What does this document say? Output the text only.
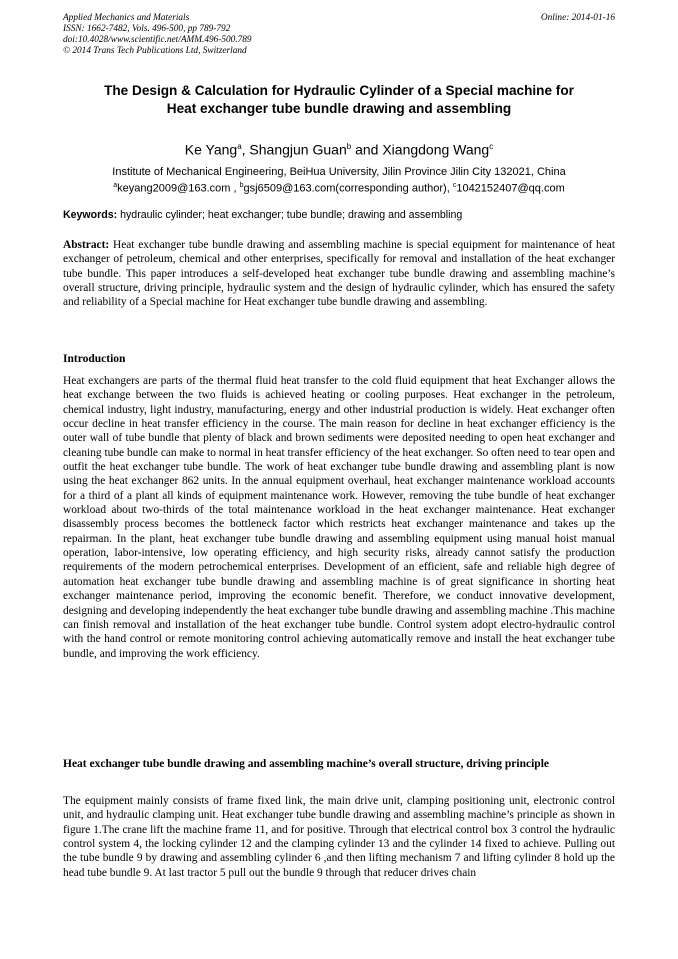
Applied Mechanics and Materials
ISSN: 1662-7482, Vols. 496-500, pp 789-792
doi:10.4028/www.scientific.net/AMM.496-500.789
© 2014 Trans Tech Publications Ltd, Switzerland
Online: 2014-01-16
The Design & Calculation for Hydraulic Cylinder of a Special machine for
Heat exchanger tube bundle drawing and assembling
Ke Yang$^a$, Shangjun Guan$^b$ and Xiangdong Wang$^c$
Institute of Mechanical Engineering, BeiHua University, Jilin Province Jilin City 132021, China
$^a$keyang2009@163.com , $^b$gsj6509@163.com(corresponding author), $^c$1042152407@qq.com
Keywords: hydraulic cylinder; heat exchanger; tube bundle; drawing and assembling

Abstract: Heat exchanger tube bundle drawing and assembling machine is special equipment for maintenance of heat exchanger of petroleum, chemical and other enterprises, specifically for removal and installation of the heat exchanger tube bundle. This paper introduces a self-developed heat exchanger tube bundle drawing and assembling machine’s overall structure, driving principle, hydraulic system and the design of hydraulic cylinder, which has ensured the safety and reliability of a Special machine for Heat exchanger tube bundle drawing and assembling.

Introduction

Heat exchangers are parts of the thermal fluid heat transfer to the cold fluid equipment that heat Exchanger allows the heat exchange between the two fluids is achieved heating or cooling purposes. Heat exchanger in the petroleum, chemical industry, light industry, manufacturing, energy and other industrial production is widely. Heat exchanger often occur decline in heat transfer efficiency in the course. The main reason for decline in heat exchanger efficiency is the outer wall of tube bundle that plenty of black and brown sediments were deposited needing to open heat exchanger and cleaning tube bundle can make to normal in heat transfer efficiency of the heat exchanger. So often need to tear open and outfit the heat exchanger tube bundle. The work of heat exchanger tube bundle drawing and assembling plant is now using the heat exchanger 862 units. In the annual equipment overhaul, heat exchanger maintenance workload accounts for a third of a plant all kinds of equipment maintenance work. However, removing the tube bundle of heat exchanger workload about two-thirds of the total maintenance workload in the heat exchanger maintenance. Heat exchanger disassembly process becomes the bottleneck factor which restricts heat exchanger maintenance and takes up the repairman. In the plant, heat exchanger tube bundle drawing and assembling equipment using manual hoist manual operation, labor-intensive, low operating efficiency, and high security risks, already cannot satisfy the production requirements of the modern petrochemical enterprises. Development of an efficient, safe and reliable high degree of automation heat exchanger tube bundle drawing and assembling machine is of great significance in shorting heat exchanger maintenance period, improving the economic benefit. Therefore, we conduct innovative development, designing and developing independently the heat exchanger tube bundle drawing and assembling machine .This machine can finish removal and installation of the heat exchanger tube bundle. Control system adopt electro-hydraulic control with the hand control or remote monitoring control achieving automatically remove and install the heat exchanger tube bundle, and improving the work efficiency.

Heat exchanger tube bundle drawing and assembling machine’s overall structure, driving principle

The equipment mainly consists of frame fixed link, the main drive unit, clamping positioning unit, electronic control unit, and hydraulic clamping unit. Heat exchanger tube bundle drawing and assembling machine’s principle as shown in figure 1.The crane lift the machine frame 11, and for positive. Through that electrical control box 3 control the hydraulic control system 4, the locking cylinder 12 and the clamping cylinder 13 and the cylinder 14 fixed to achieve. Pulling out the tube bundle 9 by drawing and assembling cylinder 6 ,and then lifting mechanism 7 and lifting cylinder 8 hold up the head tube bundle 9. At last tractor 5 pull out the bundle 9 through that reducer drives chain
